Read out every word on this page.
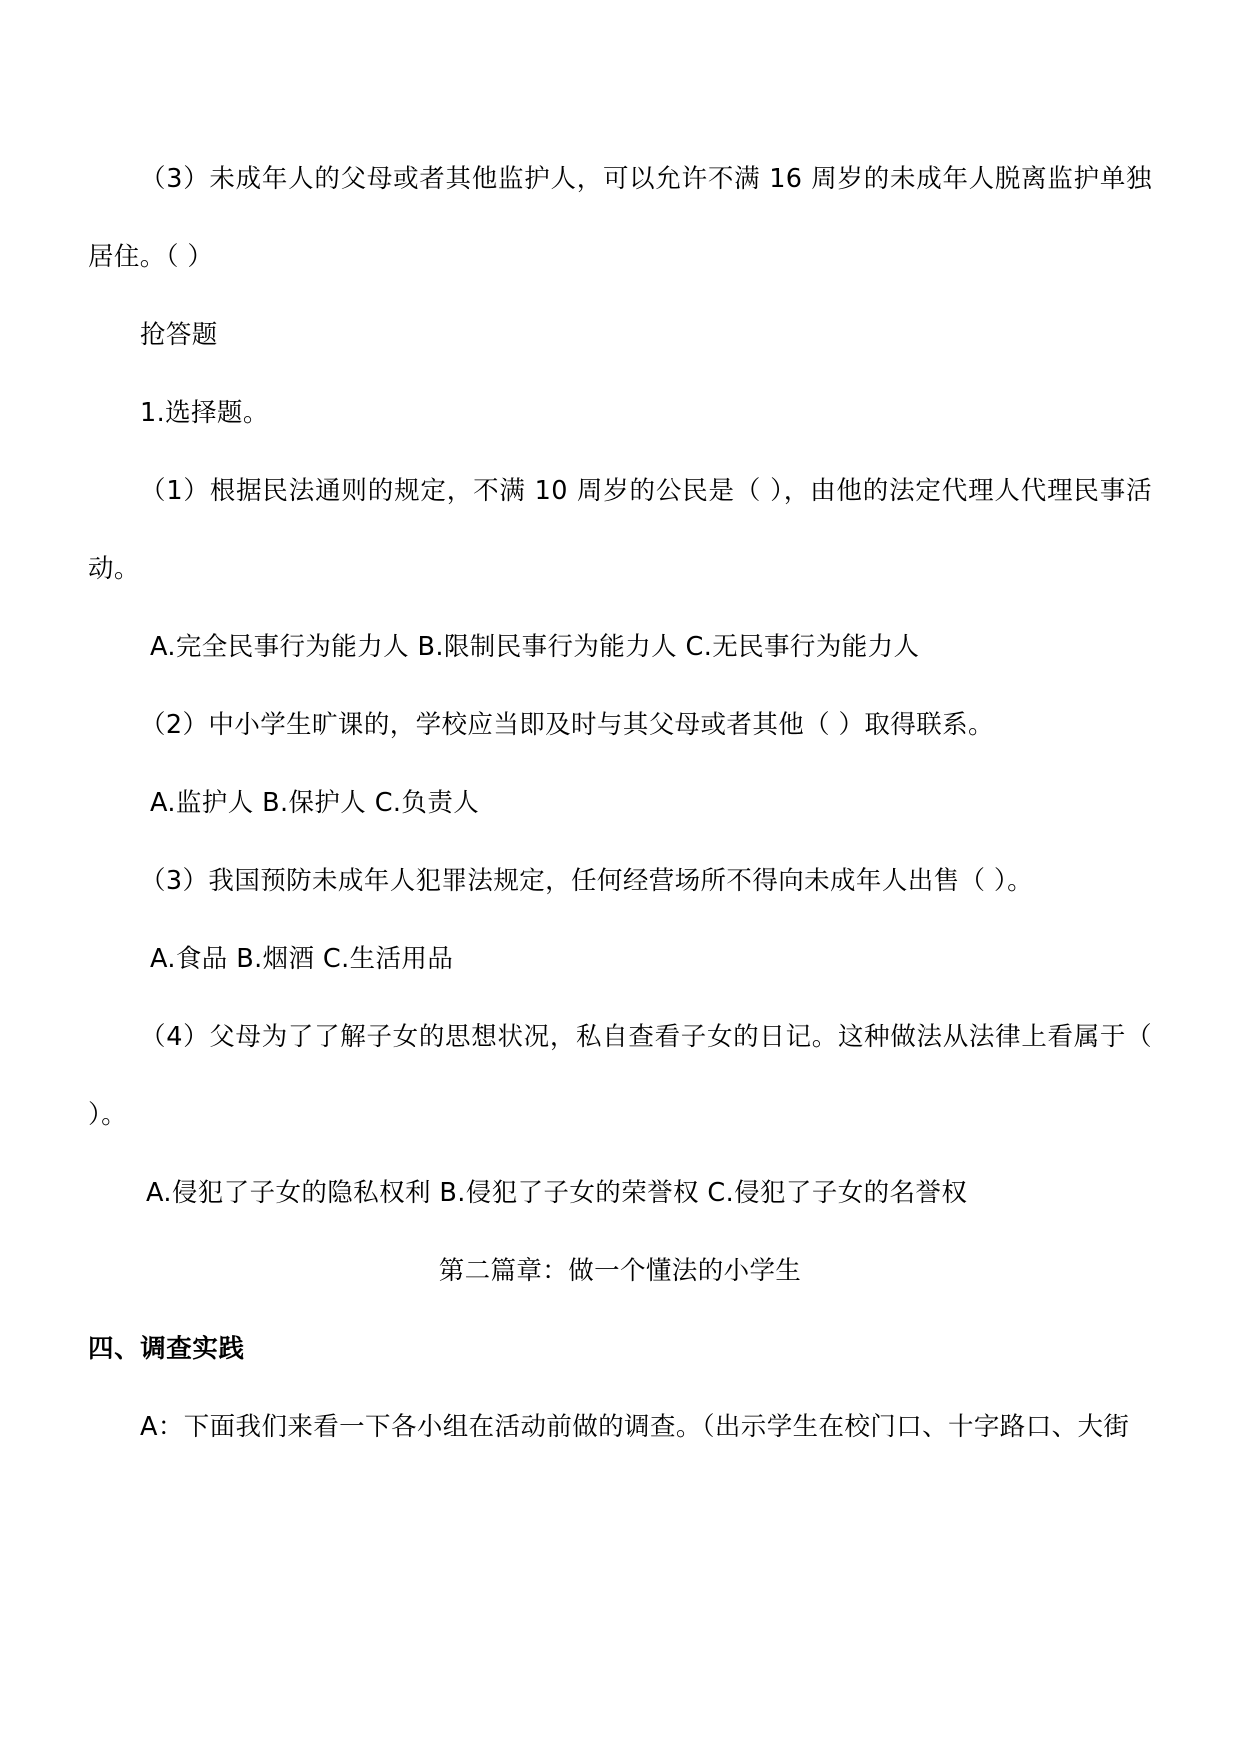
（3）未成年人的父母或者其他监护人，可以允许不满 16 周岁的未成年人脱离监护单独居住。（ ）

抢答题

1.选择题。

（1）根据民法通则的规定，不满 10 周岁的公民是（ ），由他的法定代理人代理民事活动。

A.完全民事行为能力人 B.限制民事行为能力人 C.无民事行为能力人

（2）中小学生旷课的，学校应当即及时与其父母或者其他（ ）取得联系。

A.监护人 B.保护人 C.负责人

（3）我国预防未成年人犯罪法规定，任何经营场所不得向未成年人出售（ ）。

A.食品 B.烟酒 C.生活用品

（4）父母为了了解子女的思想状况，私自查看子女的日记。这种做法从法律上看属于（ ）。

A.侵犯了子女的隐私权利 B.侵犯了子女的荣誉权 C.侵犯了子女的名誉权

第二篇章：做一个懂法的小学生

四、调查实践

A：下面我们来看一下各小组在活动前做的调查。（出示学生在校门口、十字路口、大街
